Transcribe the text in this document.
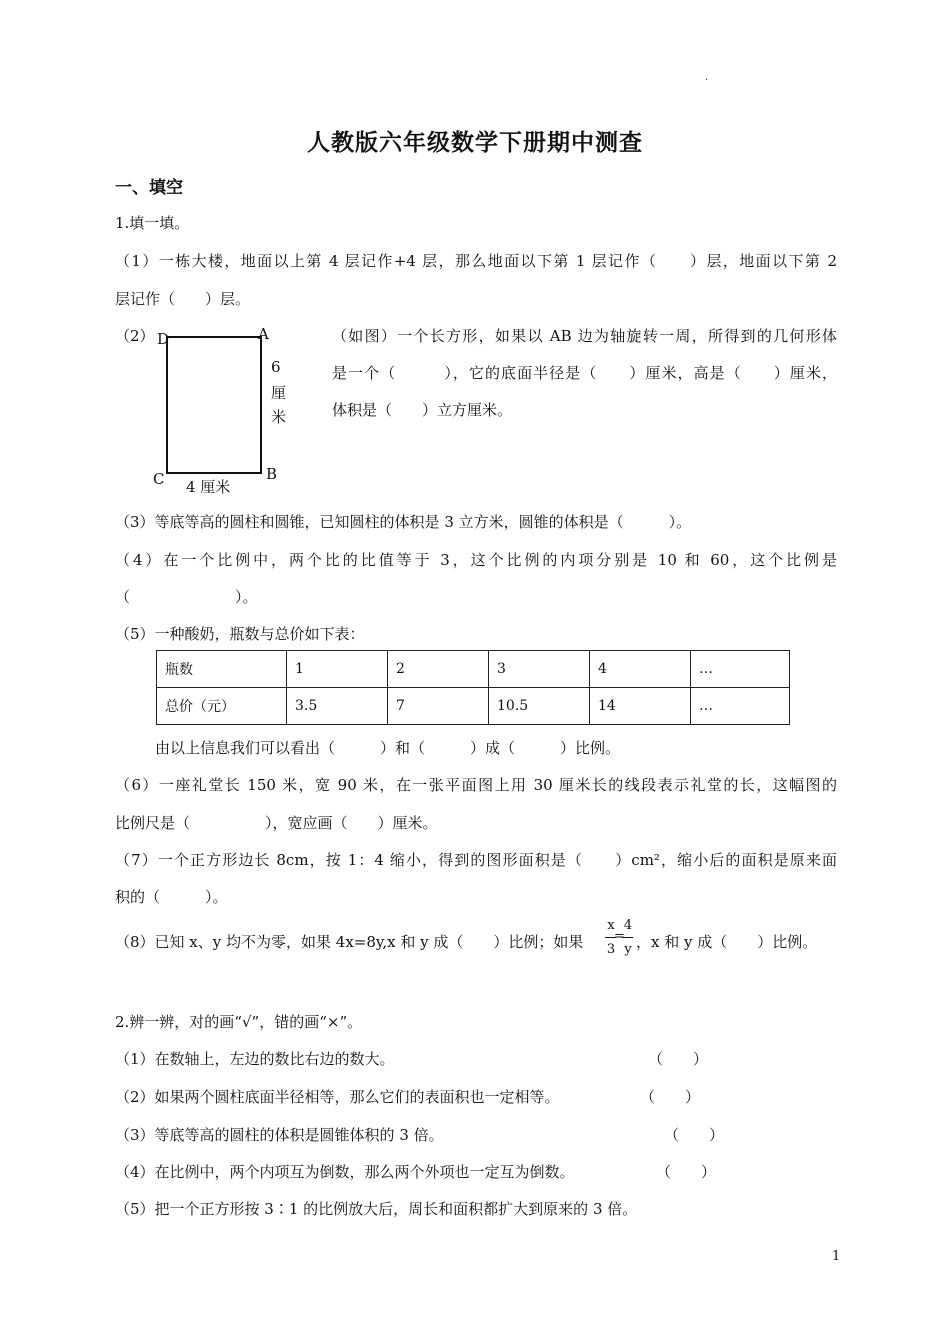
.
人教版六年级数学下册期中测查
一、填空
1.填一填。
（1）一栋大楼，地面以上第 4 层记作+4 层，那么地面以下第 1 层记作（　　）层，地面以下第 2
层记作（　　）层。
（2） D	A
B
C
6
厘
米
4 厘米
（如图）一个长方形，如果以 AB 边为轴旋转一周，所得到的几何形体
是一个（　　　），它的底面半径是（　　）厘米，高是（　　）厘米，
体积是（　　）立方厘米。
（3）等底等高的圆柱和圆锥，已知圆柱的体积是 3 立方米，圆锥的体积是（　　　）。
（4）在一个比例中，两个比的比值等于 3，这个比例的内项分别是 10 和 60，这个比例是
（　　　　　　　）。
（5）一种酸奶，瓶数与总价如下表：
瓶数	1	2	3	4	…
总价（元）	3.5	7	10.5	14	…
由以上信息我们可以看出（　　　）和（　　　）成（　　　）比例。
（6）一座礼堂长 150 米，宽 90 米，在一张平面图上用 30 厘米长的线段表示礼堂的长，这幅图的
比例尺是（　　　　　），宽应画（　　）厘米。
（7）一个正方形边长 8cm，按 1：4 缩小，得到的图形面积是（　　）cm²，缩小后的面积是原来面
积的（　　　）。
（8）已知 x、y 均不为零，如果 4x=8y,x 和 y 成（　　）比例；如果
x
3
=
4
y ，x 和 y 成（　　）比例。
2.辨一辨，对的画“√”，错的画“×”。
（1）在数轴上，左边的数比右边的数大。	（　　）
（2）如果两个圆柱底面半径相等，那么它们的表面积也一定相等。	（　　）
（3）等底等高的圆柱的体积是圆锥体积的 3 倍。	（　　）
（4）在比例中，两个内项互为倒数，那么两个外项也一定互为倒数。	（　　）
（5）把一个正方形按 3∶1 的比例放大后，周长和面积都扩大到原来的 3 倍。
1
